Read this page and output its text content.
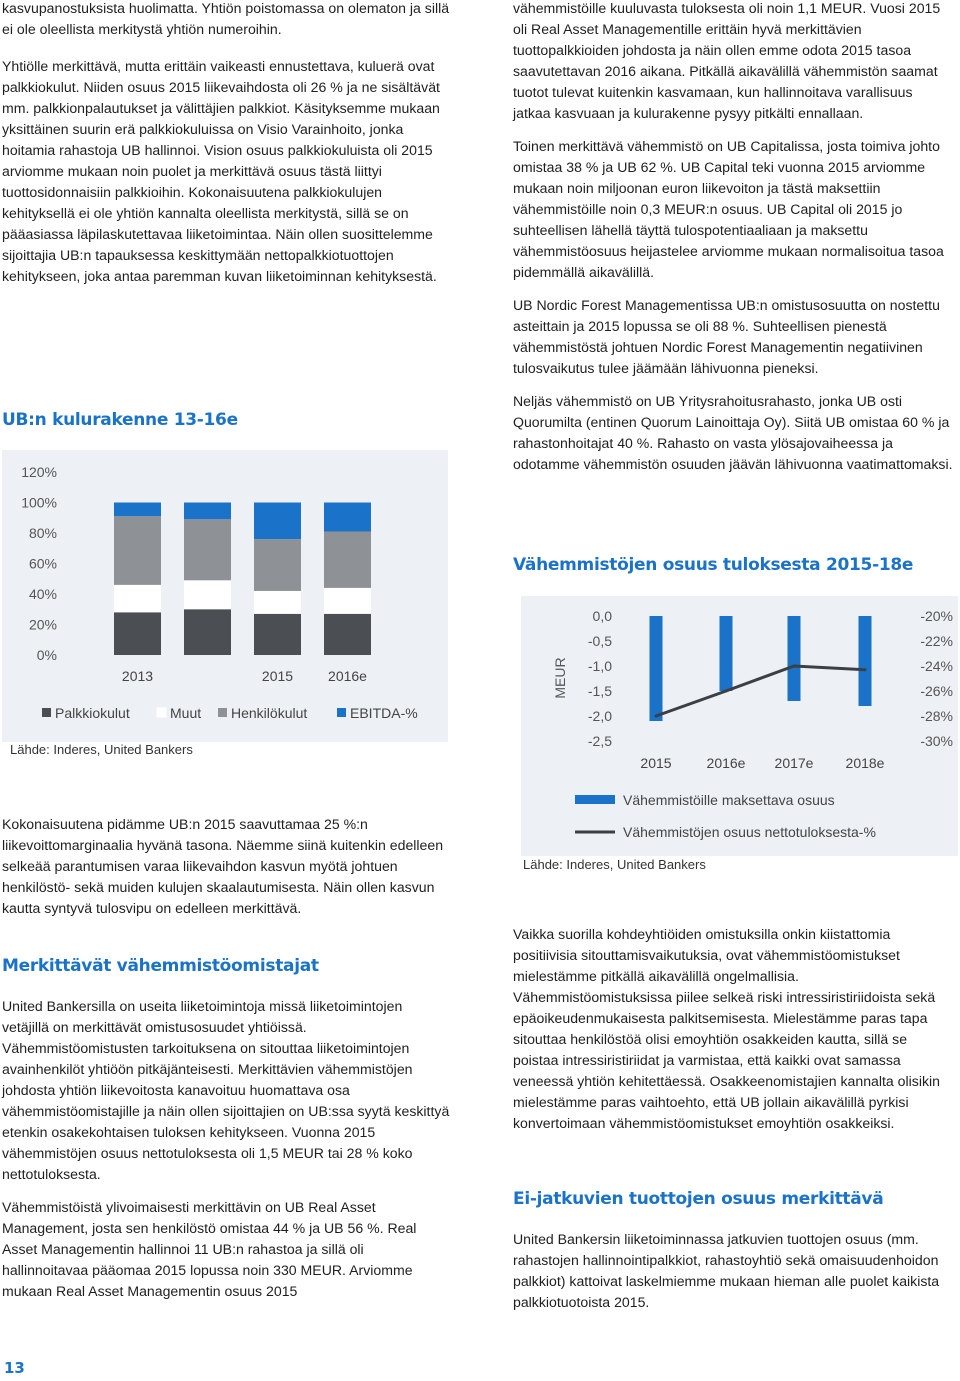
kasvupanostuksista huolimatta. Yhtiön poistomassa on olematon ja sillä ei ole oleellista merkitystä yhtiön numeroihin.

Yhtiölle merkittävä, mutta erittäin vaikeasti ennustettava, kuluerä ovat palkkiokulut. Niiden osuus 2015 liikevaihdosta oli 26 % ja ne sisältävät mm. palkkionpalautukset ja välittäjien palkkiot. Käsityksemme mukaan yksittäinen suurin erä palkkiokuluissa on Visio Varainhoito, jonka hoitamia rahastoja UB hallinnoi. Vision osuus palkkiokuluista oli 2015 arviomme mukaan noin puolet ja merkittävä osuus tästä liittyi tuottosidonnaisiin palkkioihin. Kokonaisuutena palkkiokulujen kehityksellä ei ole yhtiön kannalta oleellista merkitystä, sillä se on pääasiassa läpilaskutettavaa liiketoimintaa. Näin ollen suosittelemme sijoittajia UB:n tapauksessa keskittymään nettopalkkiotuottojen kehitykseen, joka antaa paremman kuvan liiketoiminnan kehityksestä.

UB:n kulurakenne 13-16e
120%
100%
80%
60%
40%
20%
0%
2013	2015 2016e
Palkkiokulut	Muut Henkilökulut	EBITDA-%
Lähde: Inderes, United Bankers

Kokonaisuutena pidämme UB:n 2015 saavuttamaa 25 %:n liikevoittomarginaalia hyvänä tasona. Näemme siinä kuitenkin edelleen selkeää parantumisen varaa liikevaihdon kasvun myötä johtuen henkilöstö- sekä muiden kulujen skaalautumisesta. Näin ollen kasvun kautta syntyvä tulosvipu on edelleen merkittävä.

Merkittävät vähemmistöomistajat

United Bankersilla on useita liiketoimintoja missä liiketoimintojen vetäjillä on merkittävät omistusosuudet yhtiöissä. Vähemmistöomistusten tarkoituksena on sitouttaa liiketoimintojen avainhenkilöt yhtiöön pitkäjänteisesti. Merkittävien vähemmistöjen johdosta yhtiön liikevoitosta kanavoituu huomattava osa vähemmistöomistajille ja näin ollen sijoittajien on UB:ssa syytä keskittyä etenkin osakekohtaisen tuloksen kehitykseen. Vuonna 2015 vähemmistöjen osuus nettotuloksesta oli 1,5 MEUR tai 28 % koko nettotuloksesta.

Vähemmistöistä ylivoimaisesti merkittävin on UB Real Asset Management, josta sen henkilöstö omistaa 44 % ja UB 56 %. Real Asset Managementin hallinnoi 11 UB:n rahastoa ja sillä oli hallinnoitavaa pääomaa 2015 lopussa noin 330 MEUR. Arviomme mukaan Real Asset Managementin osuus 2015

vähemmistöille kuuluvasta tuloksesta oli noin 1,1 MEUR. Vuosi 2015 oli Real Asset Managementille erittäin hyvä merkittävien tuottopalkkioiden johdosta ja näin ollen emme odota 2015 tasoa saavutettavan 2016 aikana. Pitkällä aikavälillä vähemmistön saamat tuotot tulevat kuitenkin kasvamaan, kun hallinnoitava varallisuus jatkaa kasvuaan ja kulurakenne pysyy pitkälti ennallaan.

Toinen merkittävä vähemmistö on UB Capitalissa, josta toimiva johto omistaa 38 % ja UB 62 %. UB Capital teki vuonna 2015 arviomme mukaan noin miljoonan euron liikevoiton ja tästä maksettiin vähemmistöille noin 0,3 MEUR:n osuus. UB Capital oli 2015 jo suhteellisen lähellä täyttä tulospotentiaaliaan ja maksettu vähemmistöosuus heijastelee arviomme mukaan normalisoitua tasoa pidemmällä aikavälillä.

UB Nordic Forest Managementissa UB:n omistusosuutta on nostettu asteittain ja 2015 lopussa se oli 88 %. Suhteellisen pienestä vähemmistöstä johtuen Nordic Forest Managementin negatiivinen tulosvaikutus tulee jäämään lähivuonna pieneksi.

Neljäs vähemmistö on UB Yritysrahoitusrahasto, jonka UB osti Quorumilta (entinen Quorum Lainoittaja Oy). Siitä UB omistaa 60 % ja rahastonhoitajat 40 %. Rahasto on vasta ylösajovaiheessa ja odotamme vähemmistön osuuden jäävän lähivuonna vaatimattomaksi.

Vähemmistöjen osuus tuloksesta 2015-18e
MEUR
0,0
-0,5
-1,0
-1,5
-2,0
-2,5
-20%
-22%
-24%
-26%
-28%
-30%
2015 2016e 2017e 2018e
Vähemmistöille maksettava osuus
Vähemmistöjen osuus nettotuloksesta-%
Lähde: Inderes, United Bankers

Vaikka suorilla kohdeyhtiöiden omistuksilla onkin kiistattomia positiivisia sitouttamisvaikutuksia, ovat vähemmistöomistukset mielestämme pitkällä aikavälillä ongelmallisia. Vähemmistöomistuksissa piilee selkeä riski intressiristiriidoista sekä epäoikeudenmukaisesta palkitsemisesta. Mielestämme paras tapa sitouttaa henkilöstöä olisi emoyhtiön osakkeiden kautta, sillä se poistaa intressiristiriidat ja varmistaa, että kaikki ovat samassa veneessä yhtiön kehitettäessä. Osakkeenomistajien kannalta olisikin mielestämme paras vaihtoehto, että UB jollain aikavälillä pyrkisi konvertoimaan vähemmistöomistukset emoyhtiön osakkeiksi.

Ei-jatkuvien tuottojen osuus merkittävä

United Bankersin liiketoiminnassa jatkuvien tuottojen osuus (mm. rahastojen hallinnointipalkkiot, rahastoyhtiö sekä omaisuudenhoidon palkkiot) kattoivat laskelmiemme mukaan hieman alle puolet kaikista palkkiotuotoista 2015.

13
